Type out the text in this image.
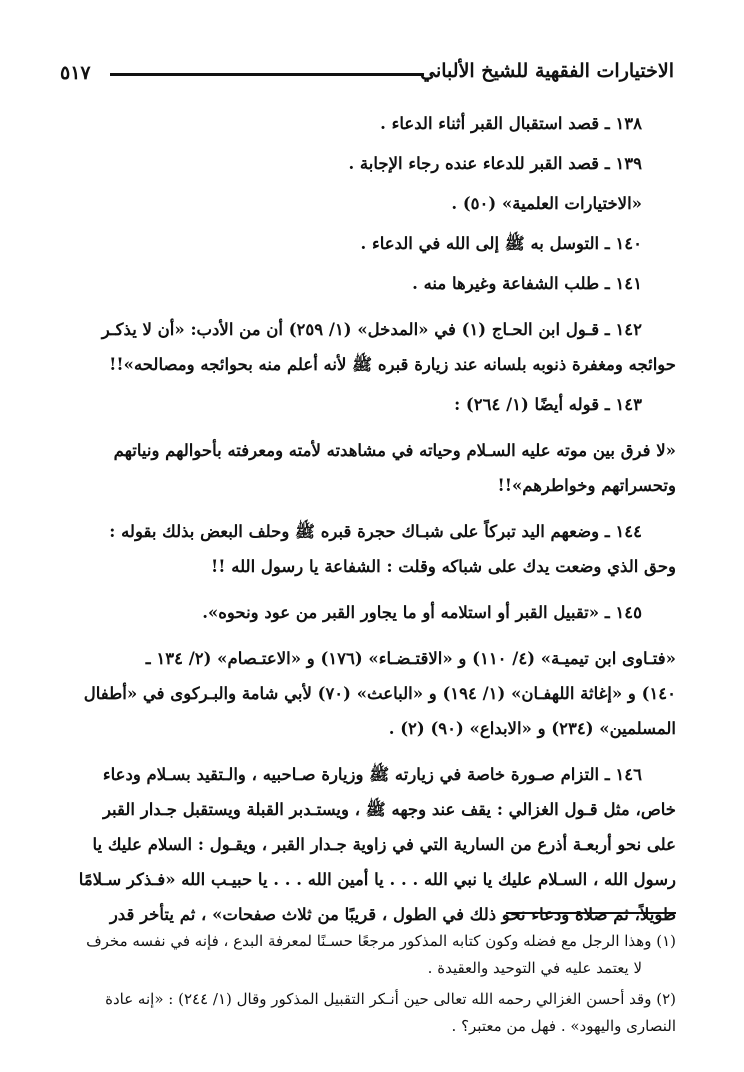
الاختيارات الفقهية للشيخ الألباني
٥١٧

١٣٨ ـ قصد استقبال القبر أثناء الدعاء .

١٣٩ ـ قصد القبر للدعاء عنده رجاء الإجابة .

«الاختيارات العلمية» (٥٠) .

١٤٠ ـ التوسل به ﷺ إلى الله في الدعاء .

١٤١ ـ طلب الشفاعة وغيرها منه .

١٤٢ ـ قـول ابن الحـاج (١) في «المدخل» (١/ ٢٥٩) أن من الأدب: «أن لا يذكـر

حوائجه ومغفرة ذنوبه بلسانه عند زيارة قبره ﷺ لأنه أعلم منه بحوائجه ومصالحه»!!

١٤٣ ـ قوله أيضًا (١/ ٢٦٤) :

«لا فرق بين موته عليه السـلام وحياته في مشاهدته لأمته ومعرفته بأحوالهم ونياتهم

وتحسراتهم وخواطرهم»!!

١٤٤ ـ وضعهم اليد تبركاً على شبـاك حجرة قبره ﷺ وحلف البعض بذلك بقوله :

وحق الذي وضعت يدك على شباكه وقلت : الشفاعة يا رسول الله !!

١٤٥ ـ «تقبيل القبر أو استلامه أو ما يجاور القبر من عود ونحوه».

«فتـاوى ابن تيميـة» (٤/ ١١٠) و «الاقتـضـاء» (١٧٦) و «الاعتـصام» (٢/ ١٣٤ ـ

١٤٠) و «إغاثة اللهفـان» (١/ ١٩٤) و «الباعث» (٧٠) لأبي شامة والبـركوى في «أطفال

المسلمين» (٢٣٤) و «الابداع» (٩٠) (٢) .

١٤٦ ـ التزام صـورة خاصة في زيارته ﷺ وزيارة صـاحبيه ، والـتقيد بسـلام ودعاء

خاص، مثل قـول الغزالي : يقف عند وجهه ﷺ ، ويستـدبر القبلة ويستقبل جـدار القبر

على نحو أربعـة أذرع من السارية التي في زاوية جـدار القبر ، ويقـول : السلام عليك يا

رسول الله ، السـلام عليك يا نبي الله . . . يا أمين الله . . . يا حبيـب الله «فـذكر سـلامًا

طويلاً، ثم صلاة ودعاء نحو ذلك في الطول ، قريبًا من ثلاث صفحات» ، ثم يتأخر قدر

(١) وهذا الرجل مع فضله وكون كتابه المذكور مرجعًا حسـنًا لمعرفة البدع ، فإنه في نفسه مخرف

لا يعتمد عليه في التوحيد والعقيدة .

(٢) وقد أحسن الغزالي رحمه الله تعالى حين أنـكر التقبيل المذكور وقال (١/ ٢٤٤) : «إنه عادة

النصارى واليهود» . فهل من معتبر؟ .
